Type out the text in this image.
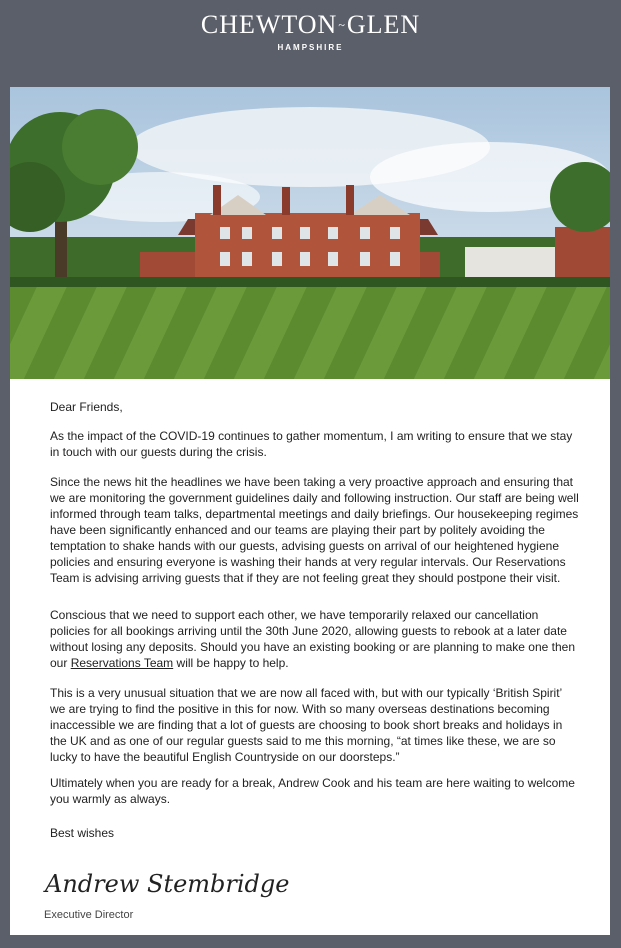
CHEWTON~GLEN
HAMPSHIRE

Dear Friends,

As the impact of the COVID-19 continues to gather momentum, I am writing to ensure that we stay in touch with our guests during the crisis.

Since the news hit the headlines we have been taking a very proactive approach and ensuring that we are monitoring the government guidelines daily and following instruction. Our staff are being well informed through team talks, departmental meetings and daily briefings. Our housekeeping regimes have been significantly enhanced and our teams are playing their part by politely avoiding the temptation to shake hands with our guests, advising guests on arrival of our heightened hygiene policies and ensuring everyone is washing their hands at very regular intervals. Our Reservations Team is advising arriving guests that if they are not feeling great they should postpone their visit.

Conscious that we need to support each other, we have temporarily relaxed our cancellation policies for all bookings arriving until the 30th June 2020, allowing guests to rebook at a later date without losing any deposits. Should you have an existing booking or are planning to make one then our Reservations Team will be happy to help.

This is a very unusual situation that we are now all faced with, but with our typically ‘British Spirit’ we are trying to find the positive in this for now. With so many overseas destinations becoming inaccessible we are finding that a lot of guests are choosing to book short breaks and holidays in the UK and as one of our regular guests said to me this morning, “at times like these, we are so lucky to have the beautiful English Countryside on our doorsteps.”

Ultimately when you are ready for a break, Andrew Cook and his team are here waiting to welcome you warmly as always.

Best wishes

Andrew Stembridge
Executive Director
